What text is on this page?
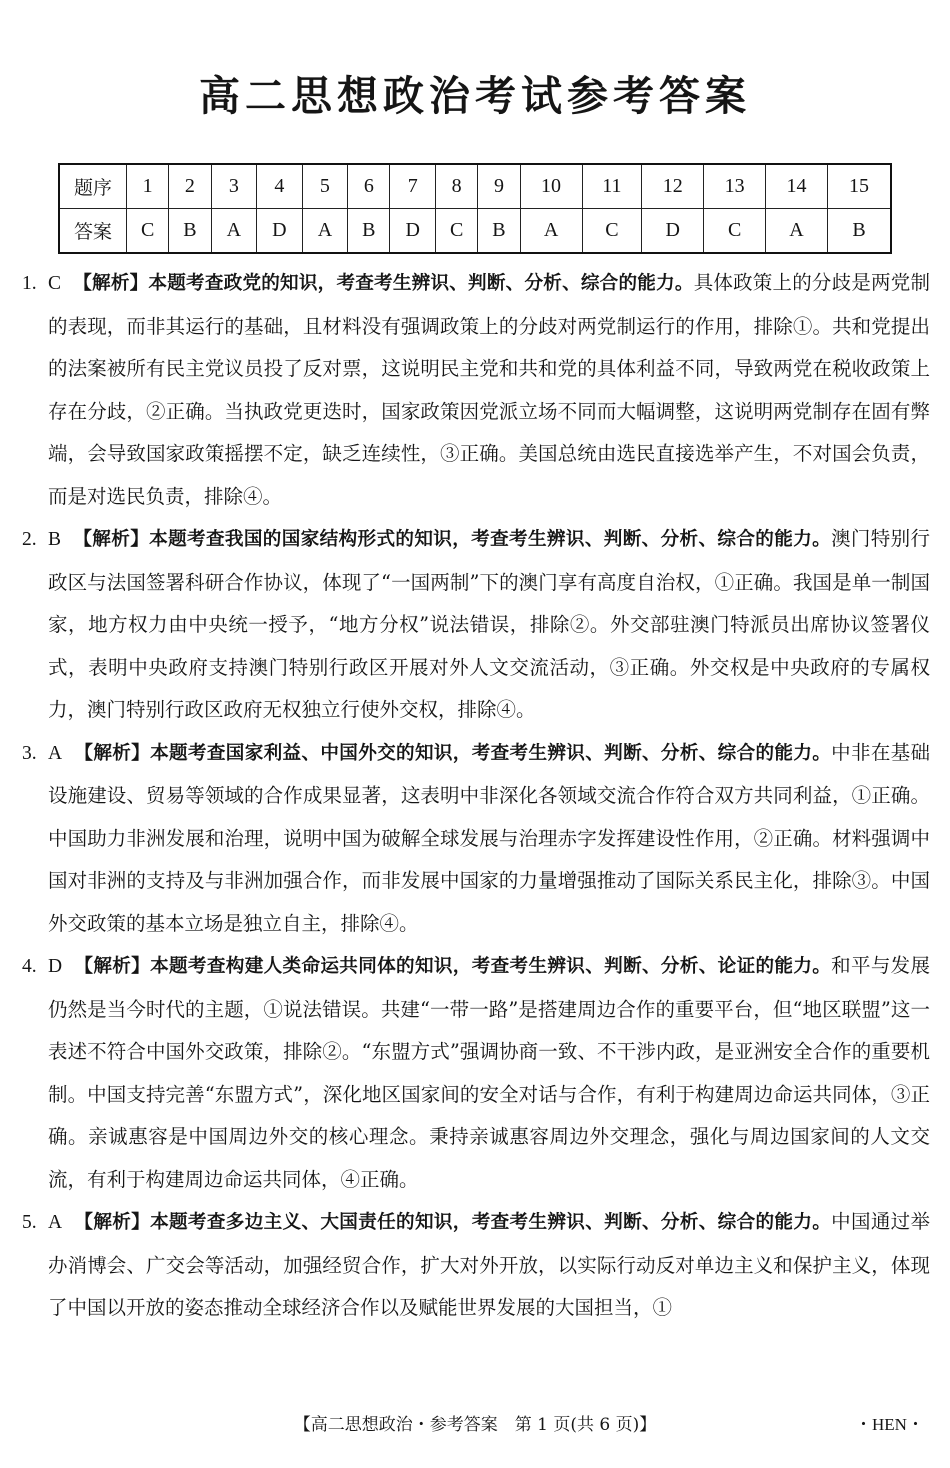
高二思想政治考试参考答案
题序	1	2	3	4	5	6	7	8	9	10	11	12	13	14	15
答案	C	B	A	D	A	B	D	C	B	A	C	D	C	A	B
1. C 【解析】本题考查政党的知识，考查考生辨识、判断、分析、综合的能力。具体政策上的分歧是两党制的表现，而非其运行的基础，且材料没有强调政策上的分歧对两党制运行的作用，排除①。共和党提出的法案被所有民主党议员投了反对票，这说明民主党和共和党的具体利益不同，导致两党在税收政策上存在分歧，②正确。当执政党更迭时，国家政策因党派立场不同而大幅调整，这说明两党制存在固有弊端，会导致国家政策摇摆不定，缺乏连续性，③正确。美国总统由选民直接选举产生，不对国会负责，而是对选民负责，排除④。
2. B 【解析】本题考查我国的国家结构形式的知识，考查考生辨识、判断、分析、综合的能力。澳门特别行政区与法国签署科研合作协议，体现了“一国两制”下的澳门享有高度自治权，①正确。我国是单一制国家，地方权力由中央统一授予，“地方分权”说法错误，排除②。外交部驻澳门特派员出席协议签署仪式，表明中央政府支持澳门特别行政区开展对外人文交流活动，③正确。外交权是中央政府的专属权力，澳门特别行政区政府无权独立行使外交权，排除④。
3. A 【解析】本题考查国家利益、中国外交的知识，考查考生辨识、判断、分析、综合的能力。中非在基础设施建设、贸易等领域的合作成果显著，这表明中非深化各领域交流合作符合双方共同利益，①正确。中国助力非洲发展和治理，说明中国为破解全球发展与治理赤字发挥建设性作用，②正确。材料强调中国对非洲的支持及与非洲加强合作，而非发展中国家的力量增强推动了国际关系民主化，排除③。中国外交政策的基本立场是独立自主，排除④。
4. D 【解析】本题考查构建人类命运共同体的知识，考查考生辨识、判断、分析、论证的能力。和平与发展仍然是当今时代的主题，①说法错误。共建“一带一路”是搭建周边合作的重要平台，但“地区联盟”这一表述不符合中国外交政策，排除②。“东盟方式”强调协商一致、不干涉内政，是亚洲安全合作的重要机制。中国支持完善“东盟方式”，深化地区国家间的安全对话与合作，有利于构建周边命运共同体，③正确。亲诚惠容是中国周边外交的核心理念。秉持亲诚惠容周边外交理念，强化与周边国家间的人文交流，有利于构建周边命运共同体，④正确。
5. A 【解析】本题考查多边主义、大国责任的知识，考查考生辨识、判断、分析、综合的能力。中国通过举办消博会、广交会等活动，加强经贸合作，扩大对外开放，以实际行动反对单边主义和保护主义，体现了中国以开放的姿态推动全球经济合作以及赋能世界发展的大国担当，①
【高二思想政治・参考答案　第 1 页(共 6 页)】	・HEN・
